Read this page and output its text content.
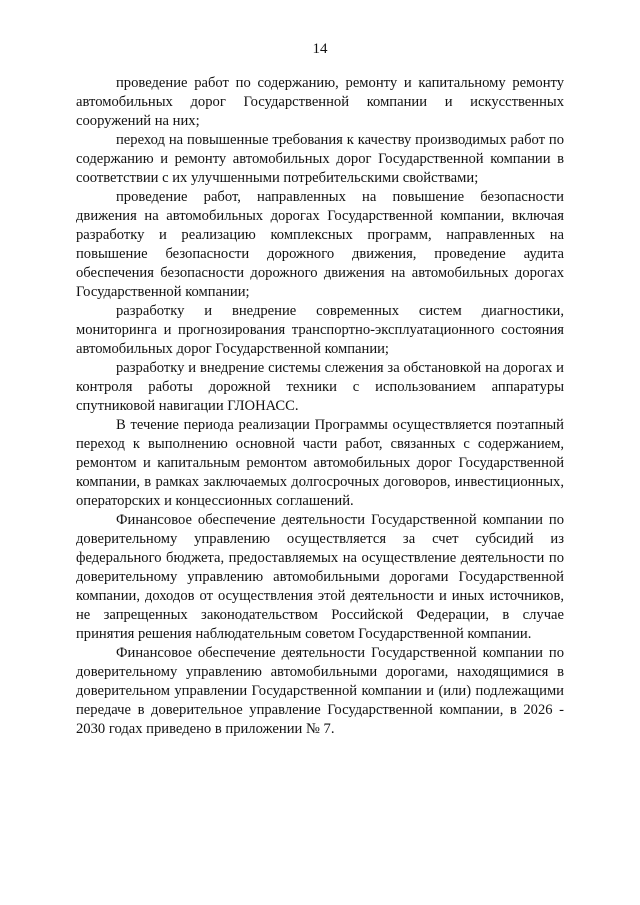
14

проведение работ по содержанию, ремонту и капитальному ремонту автомобильных дорог Государственной компании и искусственных сооружений на них;

переход на повышенные требования к качеству производимых работ по содержанию и ремонту автомобильных дорог Государственной компании в соответствии с их улучшенными потребительскими свойствами;

проведение работ, направленных на повышение безопасности движения на автомобильных дорогах Государственной компании, включая разработку и реализацию комплексных программ, направленных на повышение безопасности дорожного движения, проведение аудита обеспечения безопасности дорожного движения на автомобильных дорогах Государственной компании;

разработку и внедрение современных систем диагностики, мониторинга и прогнозирования транспортно-эксплуатационного состояния автомобильных дорог Государственной компании;

разработку и внедрение системы слежения за обстановкой на дорогах и контроля работы дорожной техники с использованием аппаратуры спутниковой навигации ГЛОНАСС.

В течение периода реализации Программы осуществляется поэтапный переход к выполнению основной части работ, связанных с содержанием, ремонтом и капитальным ремонтом автомобильных дорог Государственной компании, в рамках заключаемых долгосрочных договоров, инвестиционных, операторских и концессионных соглашений.

Финансовое обеспечение деятельности Государственной компании по доверительному управлению осуществляется за счет субсидий из федерального бюджета, предоставляемых на осуществление деятельности по доверительному управлению автомобильными дорогами Государственной компании, доходов от осуществления этой деятельности и иных источников, не запрещенных законодательством Российской Федерации, в случае принятия решения наблюдательным советом Государственной компании.

Финансовое обеспечение деятельности Государственной компании по доверительному управлению автомобильными дорогами, находящимися в доверительном управлении Государственной компании и (или) подлежащими передаче в доверительное управление Государственной компании, в 2026 - 2030 годах приведено в приложении № 7.
